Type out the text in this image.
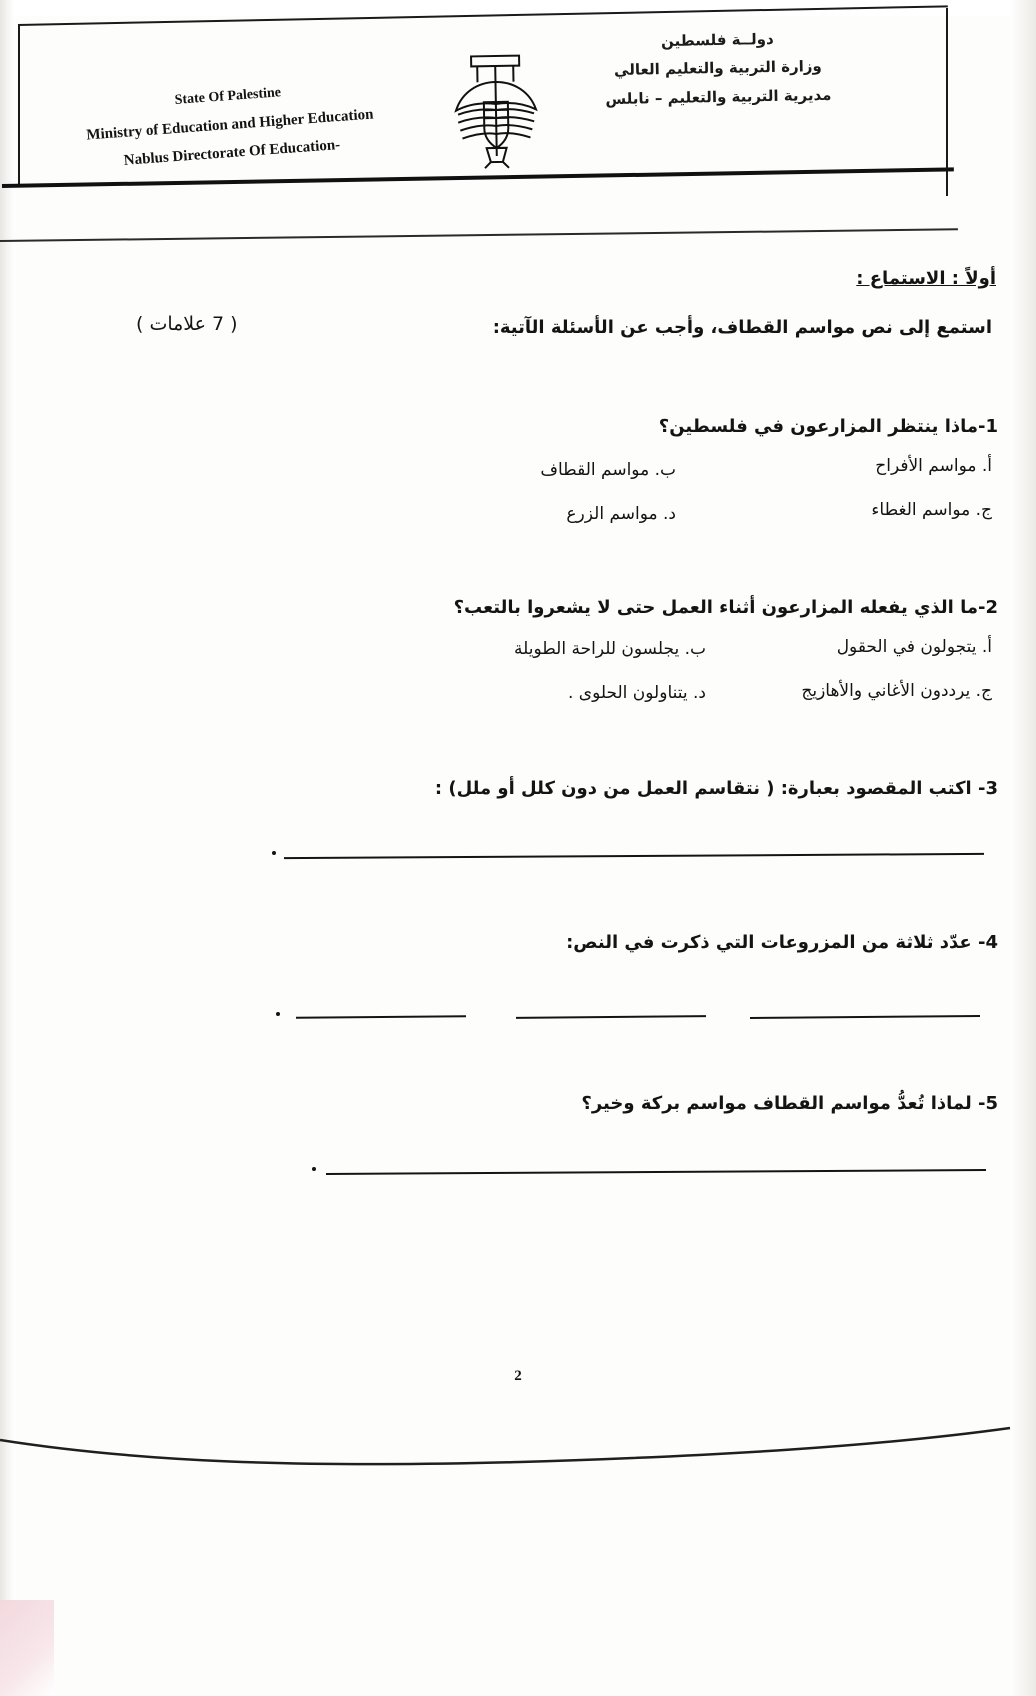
دولــة فلسطين
وزارة التربية والتعليم العالي
مديرية التربية والتعليم – نابلس
State Of Palestine
Ministry of Education and Higher Education
Nablus Directorate Of Education-
أولاً : الاستماع :
( 7 علامات )	استمع إلى نص مواسم القطاف، وأجب عن الأسئلة الآتية:
1-ماذا ينتظر المزارعون في فلسطين؟
أ. مواسم الأفراح
ب. مواسم القطاف
ج. مواسم الغطاء
د. مواسم الزرع
2-ما الذي يفعله المزارعون أثناء العمل حتى لا يشعروا بالتعب؟
أ. يتجولون في الحقول
ب. يجلسون للراحة الطويلة
ج. يرددون الأغاني والأهازيج
د. يتناولون الحلوى .
3- اكتب المقصود بعبارة: ( نتقاسم العمل من دون كلل أو ملل) :
4- عدّد ثلاثة من المزروعات التي ذكرت في النص:
5- لماذا تُعدُّ مواسم القطاف مواسم بركة وخير؟
2
